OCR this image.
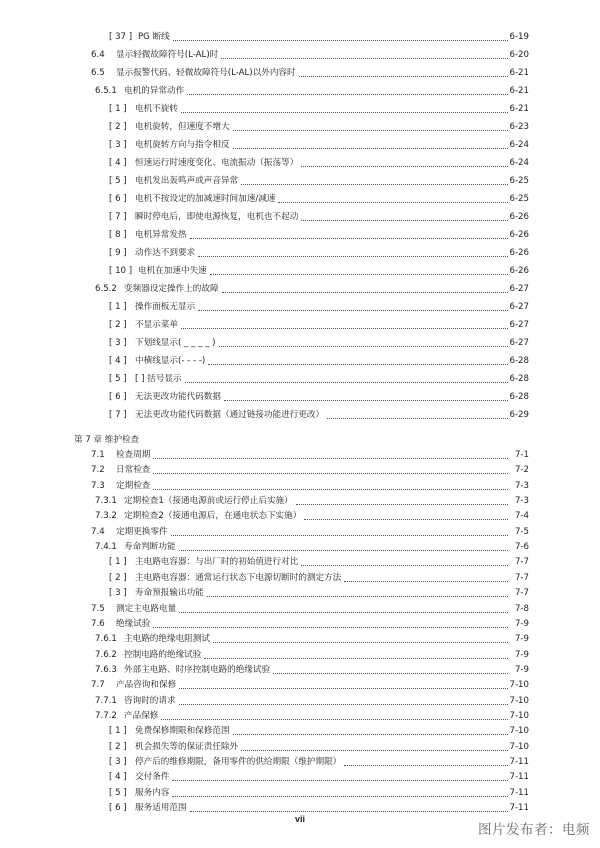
[ 37 ] PG 断线	6-19
6.4 显示轻微故障符号(L-AL)时	6-20
6.5 显示报警代码、轻微故障符号(L-AL)以外内容时	6-21
6.5.1 电机的异常动作	6-21
[ 1 ] 电机不旋转	6-21
[ 2 ] 电机旋转，但速度不增大	6-23
[ 3 ] 电机旋转方向与指令相反	6-24
[ 4 ] 恒速运行时速度变化、电流振动（振荡等）	6-24
[ 5 ] 电机发出轰鸣声或声音异常	6-25
[ 6 ] 电机不按设定的加减速时间加速/减速	6-25
[ 7 ] 瞬时停电后，即使电源恢复，电机也不起动	6-26
[ 8 ] 电机异常发热	6-26
[ 9 ] 动作达不到要求	6-26
[ 10 ] 电机在加速中失速	6-26
6.5.2 变频器设定操作上的故障	6-27
[ 1 ] 操作面板无显示	6-27
[ 2 ] 不显示菜单	6-27
[ 3 ] 下划线显示( _ _ _ _ )	6-27
[ 4 ] 中横线显示(- - - -)	6-28
[ 5 ] [ ] 括号显示	6-28
[ 6 ] 无法更改功能代码数据	6-28
[ 7 ] 无法更改功能代码数据（通过链接功能进行更改）	6-29
7.1 检查周期	7-1
7.2 日常检查	7-2
7.3 定期检查	7-3
7.3.1 定期检查1（接通电源前或运行停止后实施）	7-3
7.3.2 定期检查2（接通电源后，在通电状态下实施）	7-4
7.4 定期更换零件	7-5
7.4.1 寿命判断功能	7-6
[ 1 ] 主电路电容器：与出厂时的初始值进行对比	7-7
[ 2 ] 主电路电容器：通常运行状态下电源切断时的测定方法	7-7
[ 3 ] 寿命预报输出功能	7-7
7.5 测定主电路电量	7-8
7.6 绝缘试验	7-9
7.6.1 主电路的绝缘电阻测试	7-9
7.6.2 控制电路的绝缘试验	7-9
7.6.3 外部主电路、时序控制电路的绝缘试验	7-9
7.7 产品咨询和保修	7-10
7.7.1 咨询时的请求	7-10
7.7.2 产品保修	7-10
[ 1 ] 免费保修期限和保修范围	7-10
[ 2 ] 机会损失等的保证责任除外	7-10
[ 3 ] 停产后的维修期限，备用零件的供给期限（维护期限）	7-11
[ 4 ] 交付条件	7-11
[ 5 ] 服务内容	7-11
[ 6 ] 服务适用范围	7-11
第 7 章 维护检查
vii
图片发布者：电频
